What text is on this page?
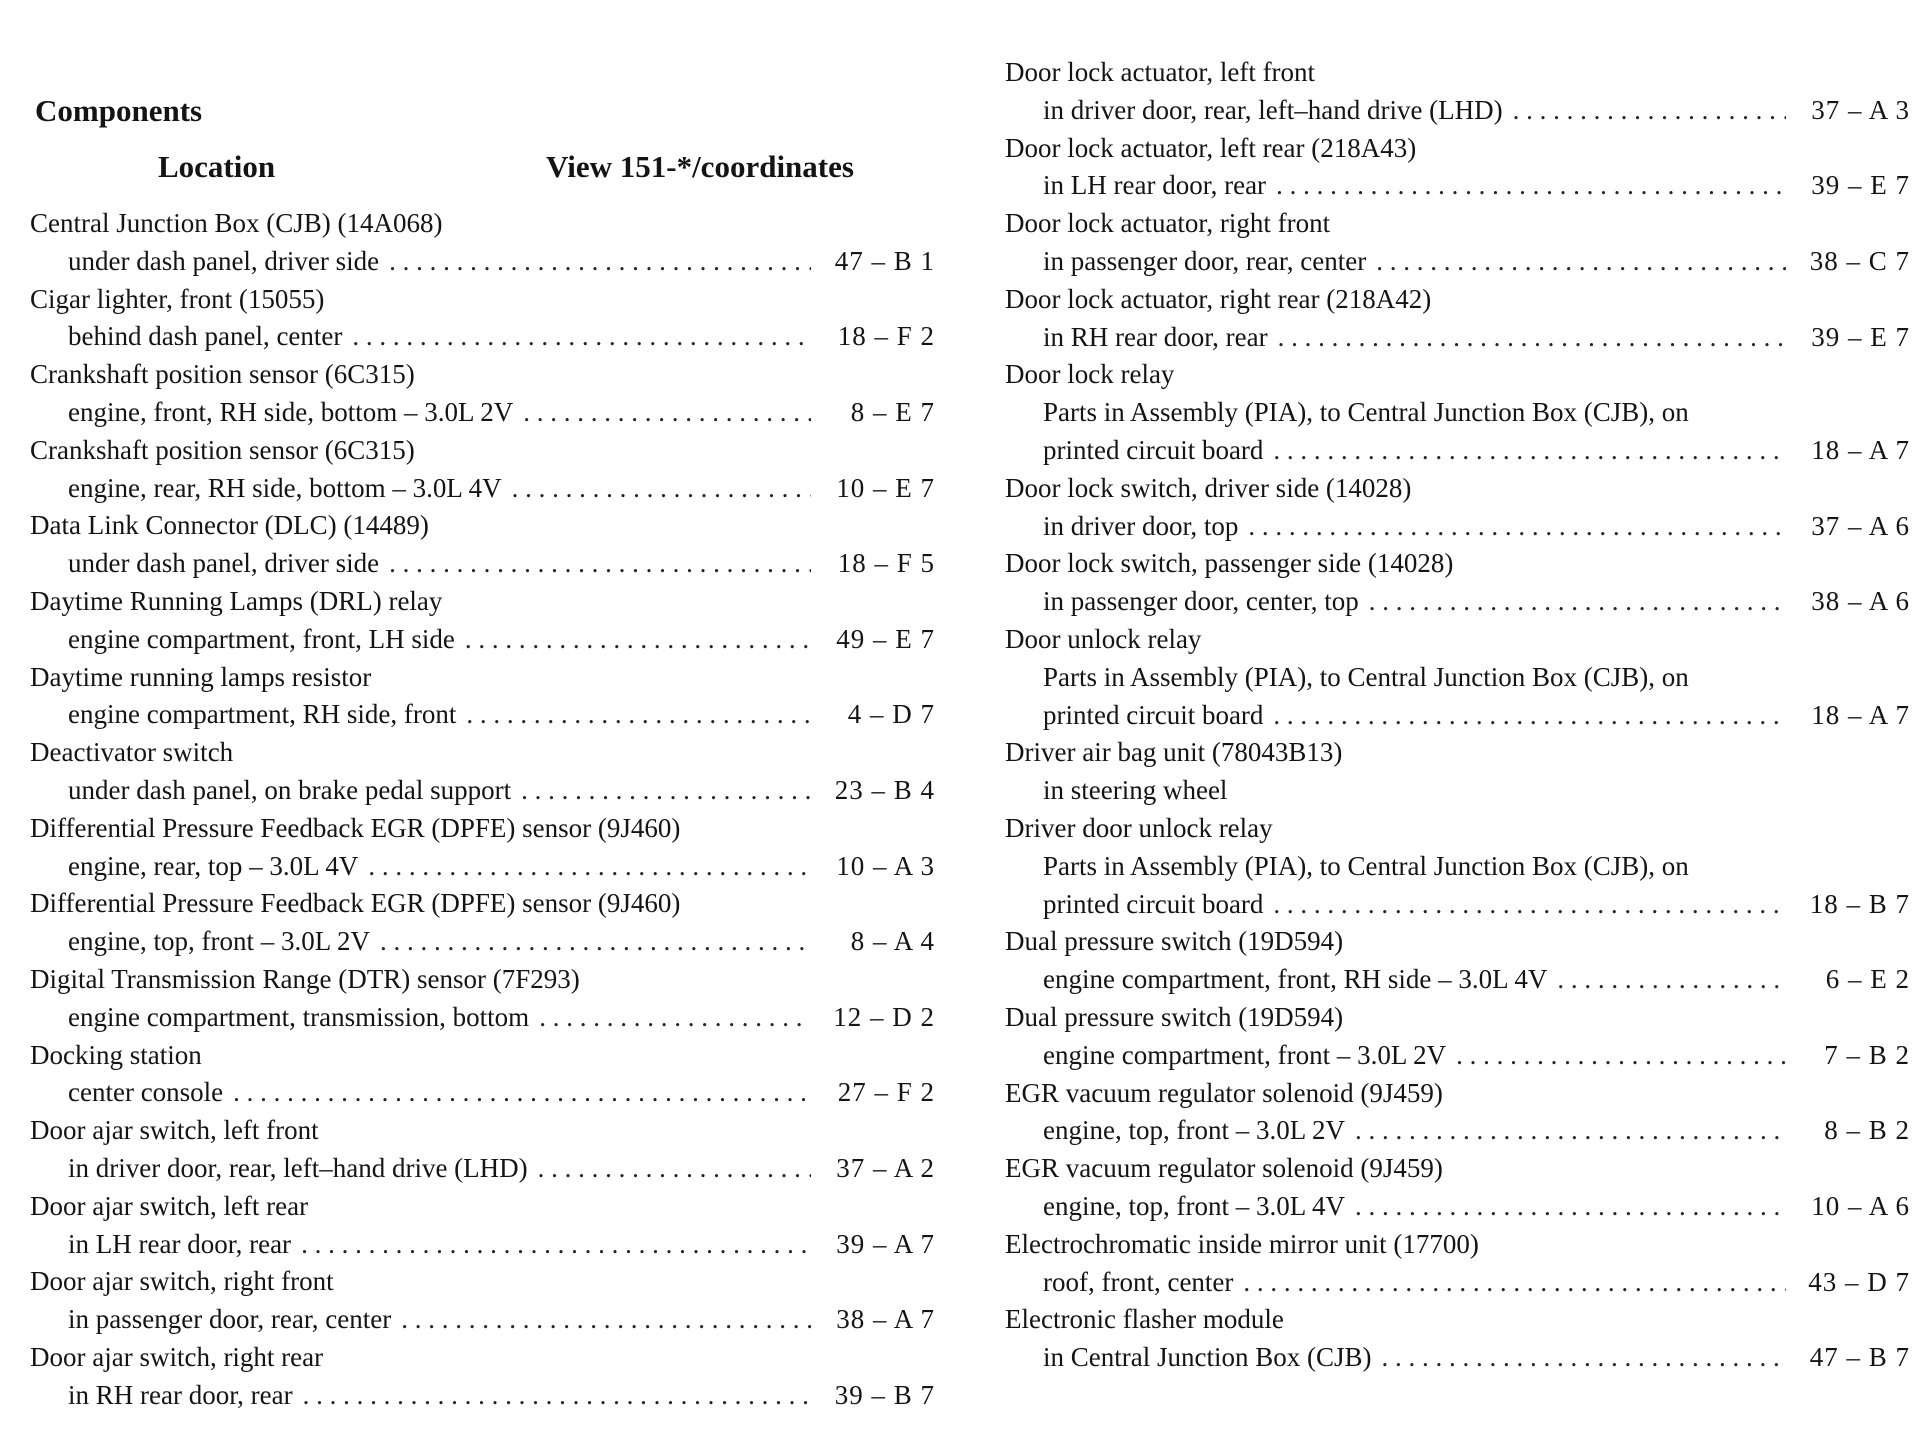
Components
Location	View 151-*/coordinates
Central Junction Box (CJB) (14A068)
under dash panel, driver side . . .	47 – B 1
Cigar lighter, front (15055)
behind dash panel, center . . .	18 – F 2
Crankshaft position sensor (6C315)
engine, front, RH side, bottom – 3.0L 2V . . .	8 – E 7
Crankshaft position sensor (6C315)
engine, rear, RH side, bottom – 3.0L 4V . . .	10 – E 7
Data Link Connector (DLC) (14489)
under dash panel, driver side . . .	18 – F 5
Daytime Running Lamps (DRL) relay
engine compartment, front, LH side . . .	49 – E 7
Daytime running lamps resistor
engine compartment, RH side, front . . .	4 – D 7
Deactivator switch
under dash panel, on brake pedal support . . .	23 – B 4
Differential Pressure Feedback EGR (DPFE) sensor (9J460)
engine, rear, top – 3.0L 4V . . .	10 – A 3
Differential Pressure Feedback EGR (DPFE) sensor (9J460)
engine, top, front – 3.0L 2V . . .	8 – A 4
Digital Transmission Range (DTR) sensor (7F293)
engine compartment, transmission, bottom . . .	12 – D 2
Docking station
center console . . .	27 – F 2
Door ajar switch, left front
in driver door, rear, left–hand drive (LHD) . . .	37 – A 2
Door ajar switch, left rear
in LH rear door, rear . . .	39 – A 7
Door ajar switch, right front
in passenger door, rear, center . . .	38 – A 7
Door ajar switch, right rear
in RH rear door, rear . . .	39 – B 7
Door lock actuator, left front
in driver door, rear, left–hand drive (LHD) . . .	37 – A 3
Door lock actuator, left rear (218A43)
in LH rear door, rear . . .	39 – E 7
Door lock actuator, right front
in passenger door, rear, center . . .	38 – C 7
Door lock actuator, right rear (218A42)
in RH rear door, rear . . .	39 – E 7
Door lock relay
Parts in Assembly (PIA), to Central Junction Box (CJB), on
printed circuit board . . .	18 – A 7
Door lock switch, driver side (14028)
in driver door, top . . .	37 – A 6
Door lock switch, passenger side (14028)
in passenger door, center, top . . .	38 – A 6
Door unlock relay
Parts in Assembly (PIA), to Central Junction Box (CJB), on
printed circuit board . . .	18 – A 7
Driver air bag unit (78043B13)
in steering wheel
Driver door unlock relay
Parts in Assembly (PIA), to Central Junction Box (CJB), on
printed circuit board . . .	18 – B 7
Dual pressure switch (19D594)
engine compartment, front, RH side – 3.0L 4V . . .	6 – E 2
Dual pressure switch (19D594)
engine compartment, front – 3.0L 2V . . .	7 – B 2
EGR vacuum regulator solenoid (9J459)
engine, top, front – 3.0L 2V . . .	8 – B 2
EGR vacuum regulator solenoid (9J459)
engine, top, front – 3.0L 4V . . .	10 – A 6
Electrochromatic inside mirror unit (17700)
roof, front, center . . .	43 – D 7
Electronic flasher module
in Central Junction Box (CJB) . . .	47 – B 7
